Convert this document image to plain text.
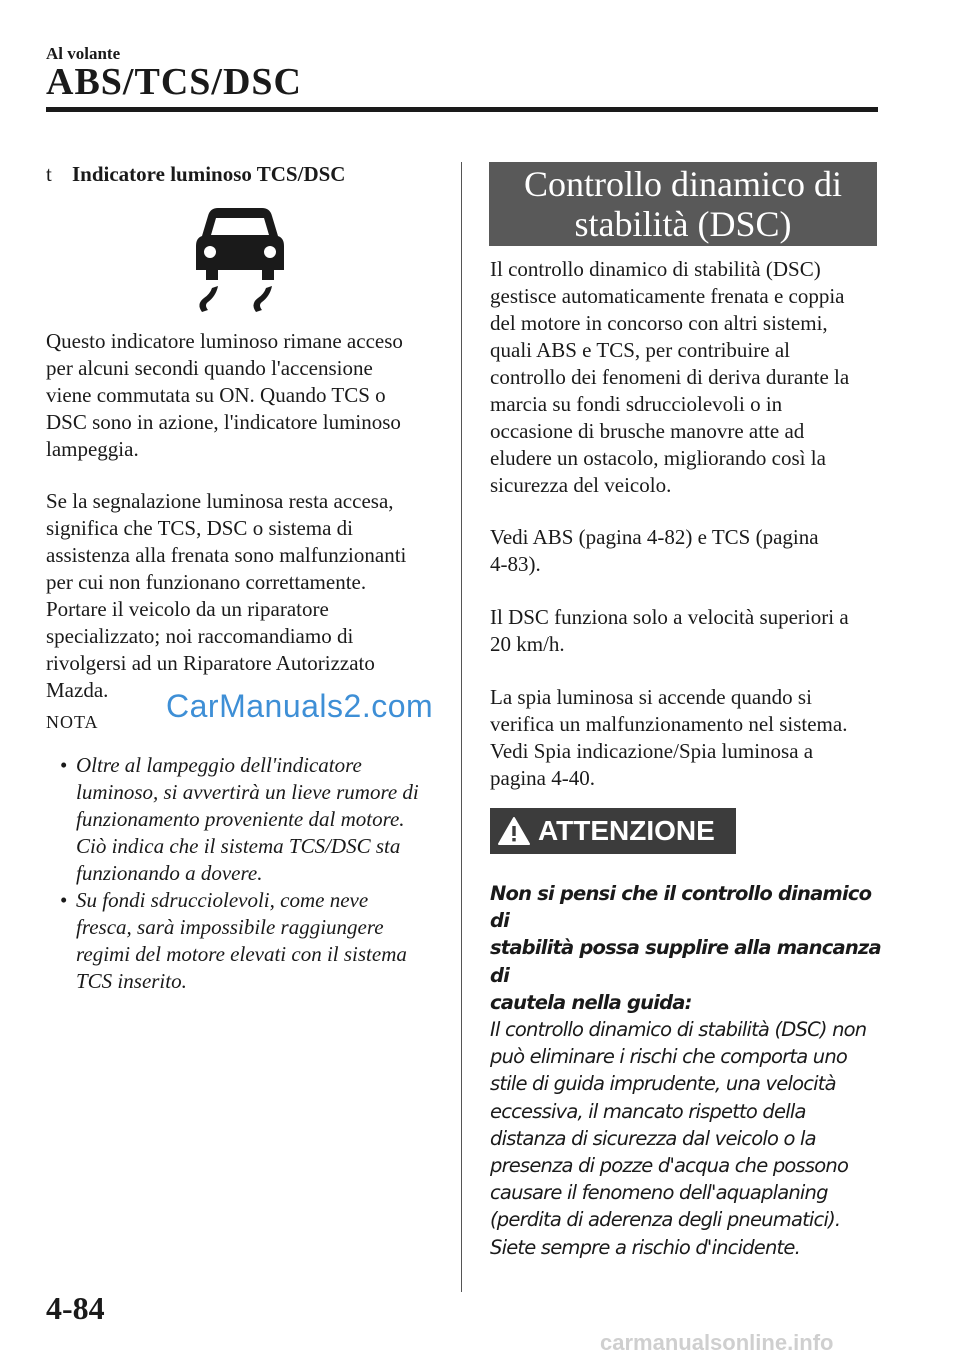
Al volante
ABS/TCS/DSC
t Indicatore luminoso TCS/DSC

Questo indicatore luminoso rimane acceso

per alcuni secondi quando l'accensione

viene commutata su ON. Quando TCS o

DSC sono in azione, l'indicatore luminoso

lampeggia.

Se la segnalazione luminosa resta accesa,

significa che TCS, DSC o sistema di

assistenza alla frenata sono malfunzionanti

per cui non funzionano correttamente.

Portare il veicolo da un riparatore

specializzato; noi raccomandiamo di

rivolgersi ad un Riparatore Autorizzato

Mazda.

NOTA
• Oltre al lampeggio dell'indicatore
luminoso, si avvertirà un lieve rumore di
funzionamento proveniente dal motore.
Ciò indica che il sistema TCS/DSC sta
funzionando a dovere.
• Su fondi sdrucciolevoli, come neve
fresca, sarà impossibile raggiungere
regimi del motore elevati con il sistema
TCS inserito.
CarManuals2.com
Controllo dinamico di
stabilità (DSC)

Il controllo dinamico di stabilità (DSC)

gestisce automaticamente frenata e coppia

del motore in concorso con altri sistemi,

quali ABS e TCS, per contribuire al

controllo dei fenomeni di deriva durante la

marcia su fondi sdrucciolevoli o in

occasione di brusche manovre atte ad

eludere un ostacolo, migliorando così la

sicurezza del veicolo.

Vedi ABS (pagina 4-82) e TCS (pagina

4-83).

Il DSC funziona solo a velocità superiori a

20 km/h.

La spia luminosa si accende quando si

verifica un malfunzionamento nel sistema.

Vedi Spia indicazione/Spia luminosa a

pagina 4-40.

ATTENZIONE
Non si pensi che il controllo dinamico di
stabilità possa supplire alla mancanza di
cautela nella guida:
Il controllo dinamico di stabilità (DSC) non
può eliminare i rischi che comporta uno
stile di guida imprudente, una velocità
eccessiva, il mancato rispetto della
distanza di sicurezza dal veicolo o la
presenza di pozze d'acqua che possono
causare il fenomeno dell'aquaplaning
(perdita di aderenza degli pneumatici).
Siete sempre a rischio d'incidente.
4-84
carmanualsonline.info
